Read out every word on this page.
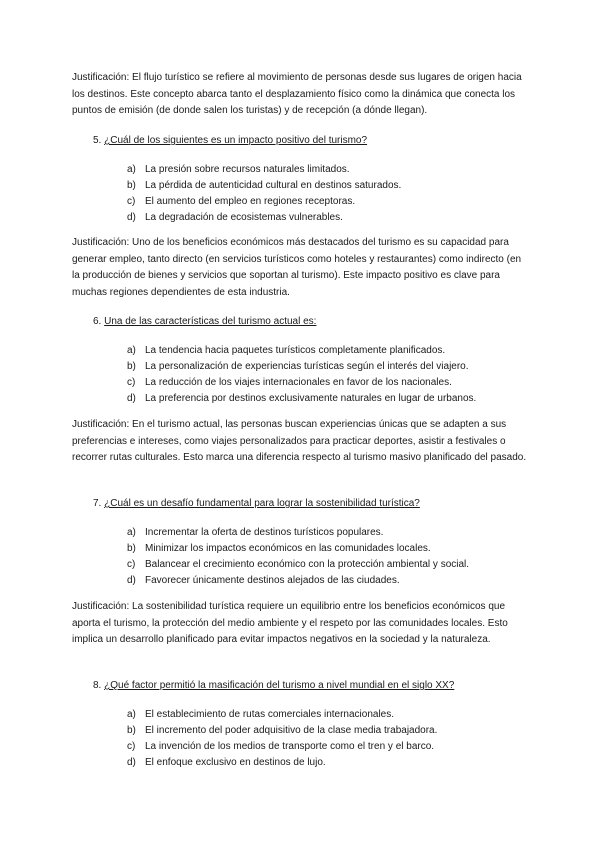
Justificación: El flujo turístico se refiere al movimiento de personas desde sus lugares de origen hacia los destinos. Este concepto abarca tanto el desplazamiento físico como la dinámica que conecta los puntos de emisión (de donde salen los turistas) y de recepción (a dónde llegan).

5. ¿Cuál de los siguientes es un impacto positivo del turismo?

a) La presión sobre recursos naturales limitados.
b) La pérdida de autenticidad cultural en destinos saturados.
c) El aumento del empleo en regiones receptoras.
d) La degradación de ecosistemas vulnerables.

Justificación: Uno de los beneficios económicos más destacados del turismo es su capacidad para generar empleo, tanto directo (en servicios turísticos como hoteles y restaurantes) como indirecto (en la producción de bienes y servicios que soportan al turismo). Este impacto positivo es clave para muchas regiones dependientes de esta industria.

6. Una de las características del turismo actual es:

a) La tendencia hacia paquetes turísticos completamente planificados.
b) La personalización de experiencias turísticas según el interés del viajero.
c) La reducción de los viajes internacionales en favor de los nacionales.
d) La preferencia por destinos exclusivamente naturales en lugar de urbanos.

Justificación: En el turismo actual, las personas buscan experiencias únicas que se adapten a sus preferencias e intereses, como viajes personalizados para practicar deportes, asistir a festivales o recorrer rutas culturales. Esto marca una diferencia respecto al turismo masivo planificado del pasado.

7. ¿Cuál es un desafío fundamental para lograr la sostenibilidad turística?

a) Incrementar la oferta de destinos turísticos populares.
b) Minimizar los impactos económicos en las comunidades locales.
c) Balancear el crecimiento económico con la protección ambiental y social.
d) Favorecer únicamente destinos alejados de las ciudades.

Justificación: La sostenibilidad turística requiere un equilibrio entre los beneficios económicos que aporta el turismo, la protección del medio ambiente y el respeto por las comunidades locales. Esto implica un desarrollo planificado para evitar impactos negativos en la sociedad y la naturaleza.

8. ¿Qué factor permitió la masificación del turismo a nivel mundial en el siglo XX?

a) El establecimiento de rutas comerciales internacionales.
b) El incremento del poder adquisitivo de la clase media trabajadora.
c) La invención de los medios de transporte como el tren y el barco.
d) El enfoque exclusivo en destinos de lujo.
